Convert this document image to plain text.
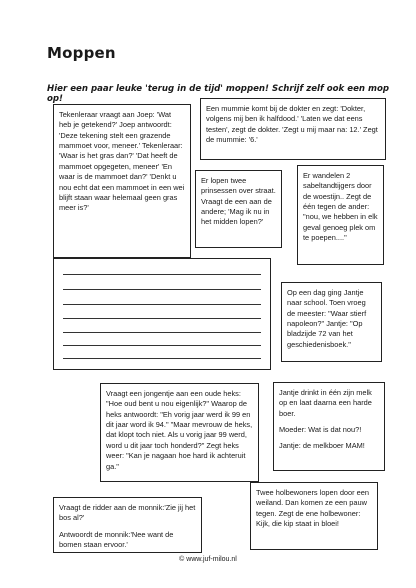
Moppen
Hier een paar leuke 'terug in de tijd' moppen! Schrijf zelf ook een mop op!

Tekenleraar vraagt aan Joep: 'Wat heb je getekend?' Joep antwoordt: 'Deze tekening stelt een grazende mammoet voor, meneer.' Tekenleraar: 'Waar is het gras dan?' 'Dat heeft de mammoet opgegeten, meneer' 'En waar is de mammoet dan?' 'Denkt u nou echt dat een mammoet in een wei blijft staan waar helemaal geen gras meer is?'

Een mummie komt bij de dokter en zegt: 'Dokter, volgens mij ben ik halfdood.' 'Laten we dat eens testen', zegt de dokter. 'Zegt u mij maar na: 12.' Zegt de mummie: '6.'

Er lopen twee prinsessen over straat. Vraagt de een aan de andere; 'Mag ik nu in het midden lopen?'

Er wandelen 2 sabeltandtijgers door de woestijn.. Zegt de één tegen de ander: "nou, we hebben in elk geval genoeg plek om te poepen...."

Op een dag ging Jantje naar school. Toen vroeg de meester: "Waar stierf napoleon?" Jantje: "Op bladzijde 72 van het geschiedenisboek."

Vraagt een jongentje aan een oude heks: "Hoe oud bent u nou eigenlijk?" Waarop de heks antwoordt: "Eh vorig jaar werd ik 99 en dit jaar word ik 94." "Maar mevrouw de heks, dat klopt toch niet. Als u vorig jaar 99 werd, word u dit jaar toch honderd?" Zegt heks weer: "Kan je nagaan hoe hard ik achteruit ga."

Jantje drinkt in één zijn melk op en laat daarna een harde boer.

Moeder: Wat is dat nou?!

Jantje: de melkboer MAM!

Vraagt de ridder aan de monnik:'Zie jij het bos al?'

Antwoordt de monnik:'Nee want de bomen staan ervoor.'

Twee holbewoners lopen door een weiland. Dan komen ze een pauw tegen. Zegt de ene holbewoner: Kijk, die kip staat in bloei!

© www.juf-milou.nl
